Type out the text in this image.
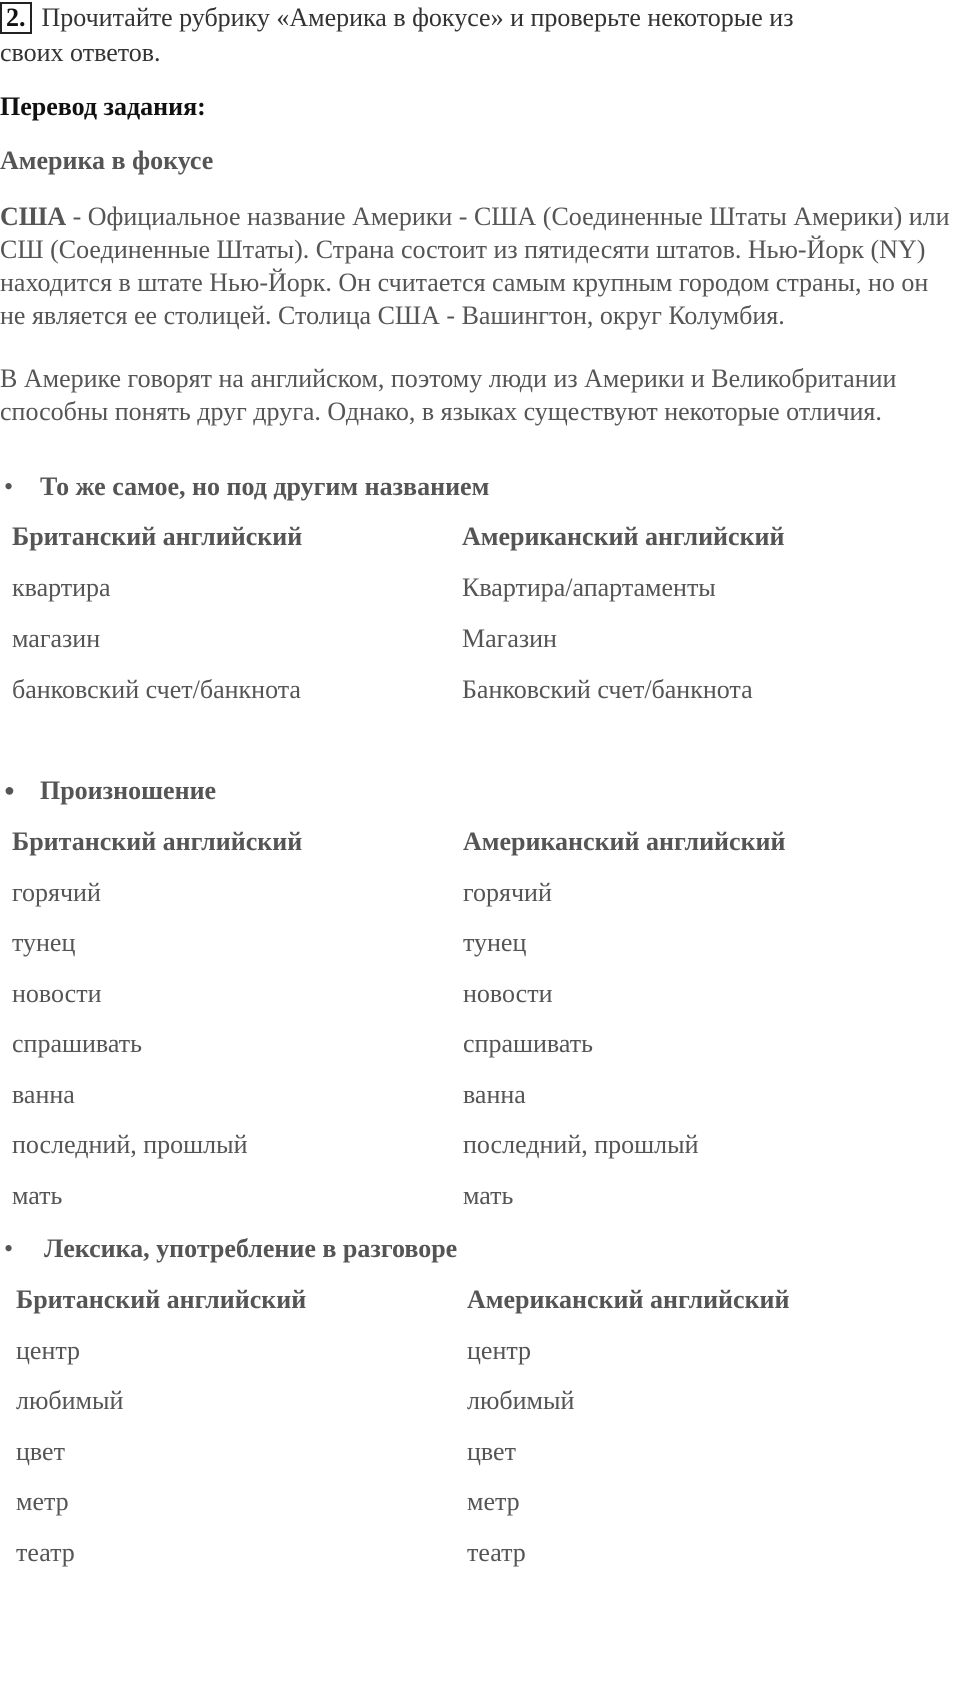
2. Прочитайте рубрику «Америка в фокусе» и проверьте некоторые из
своих ответов.
Перевод задания:
Америка в фокусе
США - Официальное название Америки - США (Соединенные Штаты Америки) или СШ (Соединенные Штаты). Страна состоит из пятидесяти штатов. Нью-Йорк (NY) находится в штате Нью-Йорк. Он считается самым крупным городом страны, но он не является ее столицей. Столица США - Вашингтон, округ Колумбия.
В Америке говорят на английском, поэтому люди из Америки и Великобритании способны понять друг друга. Однако, в языках существуют некоторые отличия.
• То же самое, но под другим названием
Британский английский	Американский английский
квартира	Квартира/апартаменты
магазин	Магазин
банковский счет/банкнота	Банковский счет/банкнота
● Произношение
Британский английский	Американский английский
горячий	горячий
тунец	тунец
новости	новости
спрашивать	спрашивать
ванна	ванна
последний, прошлый	последний, прошлый
мать	мать
• Лексика, употребление в разговоре
Британский английский	Американский английский
центр	центр
любимый	любимый
цвет	цвет
метр	метр
театр	театр
